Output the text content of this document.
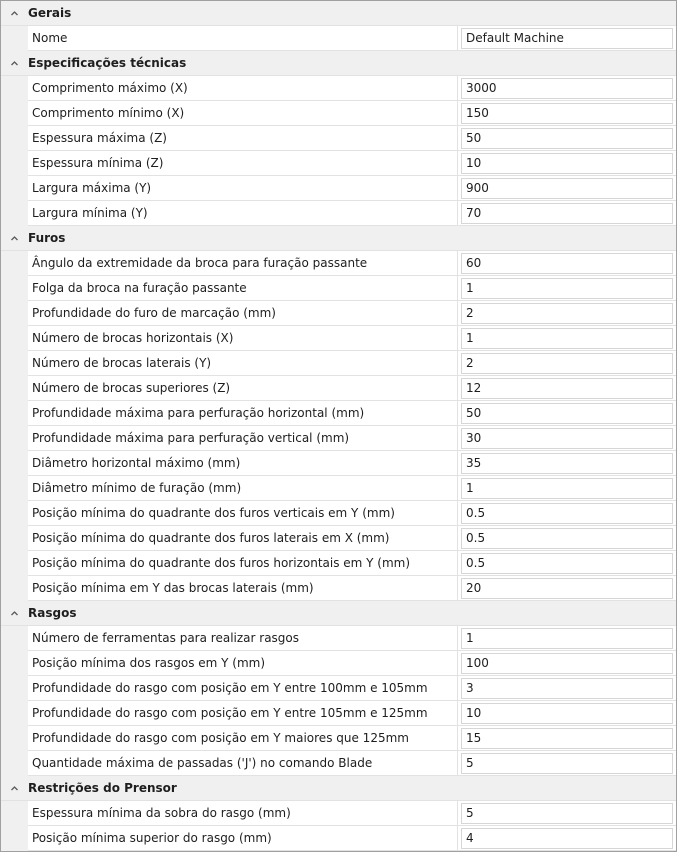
Gerais
Nome	Default Machine
Especificações técnicas
Comprimento máximo (X)	3000
Comprimento mínimo (X)	150
Espessura máxima (Z)	50
Espessura mínima (Z)	10
Largura máxima (Y)	900
Largura mínima (Y)	70
Furos
Ângulo da extremidade da broca para furação passante	60
Folga da broca na furação passante	1
Profundidade do furo de marcação (mm)	2
Número de brocas horizontais (X)	1
Número de brocas laterais (Y)	2
Número de brocas superiores (Z)	12
Profundidade máxima para perfuração horizontal (mm)	50
Profundidade máxima para perfuração vertical (mm)	30
Diâmetro horizontal máximo (mm)	35
Diâmetro mínimo de furação (mm)	1
Posição mínima do quadrante dos furos verticais em Y (mm)	0.5
Posição mínima do quadrante dos furos laterais em X (mm)	0.5
Posição mínima do quadrante dos furos horizontais em Y (mm)	0.5
Posição mínima em Y das brocas laterais (mm)	20
Rasgos
Número de ferramentas para realizar rasgos	1
Posição mínima dos rasgos em Y (mm)	100
Profundidade do rasgo com posição em Y entre 100mm e 105mm	3
Profundidade do rasgo com posição em Y entre 105mm e 125mm	10
Profundidade do rasgo com posição em Y maiores que 125mm	15
Quantidade máxima de passadas ('J') no comando Blade	5
Restrições do Prensor
Espessura mínima da sobra do rasgo (mm)	5
Posição mínima superior do rasgo (mm)	4
